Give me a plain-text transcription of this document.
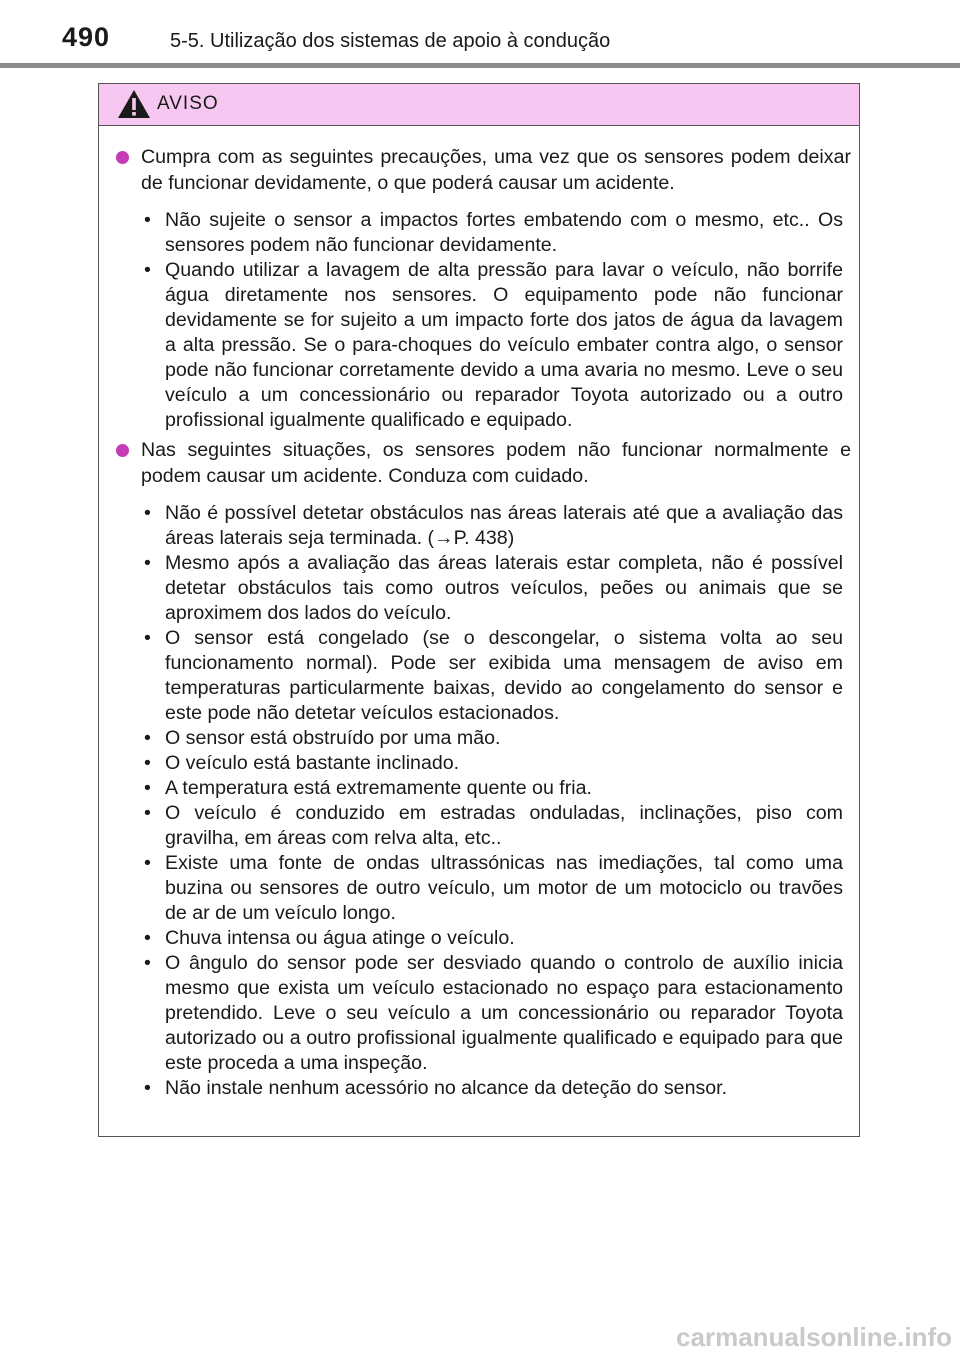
490	5-5. Utilização dos sistemas de apoio à condução
AVISO
Cumpra com as seguintes precauções, uma vez que os sensores podem deixar de funcionar devidamente, o que poderá causar um acidente.
• Não sujeite o sensor a impactos fortes embatendo com o mesmo, etc.. Os sensores podem não funcionar devidamente.
• Quando utilizar a lavagem de alta pressão para lavar o veículo, não borrife água diretamente nos sensores. O equipamento pode não funcionar devidamente se for sujeito a um impacto forte dos jatos de água da lavagem a alta pressão. Se o para-choques do veículo embater contra algo, o sensor pode não funcionar corretamente devido a uma avaria no mesmo. Leve o seu veículo a um concessionário ou reparador Toyota autorizado ou a outro profissional igualmente qualificado e equipado.
Nas seguintes situações, os sensores podem não funcionar normalmente e podem causar um acidente. Conduza com cuidado.
• Não é possível detetar obstáculos nas áreas laterais até que a avaliação das áreas laterais seja terminada. (→P. 438)
• Mesmo após a avaliação das áreas laterais estar completa, não é possível detetar obstáculos tais como outros veículos, peões ou animais que se aproximem dos lados do veículo.
• O sensor está congelado (se o descongelar, o sistema volta ao seu funcionamento normal). Pode ser exibida uma mensagem de aviso em temperaturas particularmente baixas, devido ao congelamento do sensor e este pode não detetar veículos estacionados.
• O sensor está obstruído por uma mão.
• O veículo está bastante inclinado.
• A temperatura está extremamente quente ou fria.
• O veículo é conduzido em estradas onduladas, inclinações, piso com gravilha, em áreas com relva alta, etc..
• Existe uma fonte de ondas ultrassónicas nas imediações, tal como uma buzina ou sensores de outro veículo, um motor de um motociclo ou travões de ar de um veículo longo.
• Chuva intensa ou água atinge o veículo.
• O ângulo do sensor pode ser desviado quando o controlo de auxílio inicia mesmo que exista um veículo estacionado no espaço para estacionamento pretendido. Leve o seu veículo a um concessionário ou reparador Toyota autorizado ou a outro profissional igualmente qualificado e equipado para que este proceda a uma inspeção.
• Não instale nenhum acessório no alcance da deteção do sensor.
carmanualsonline.info
